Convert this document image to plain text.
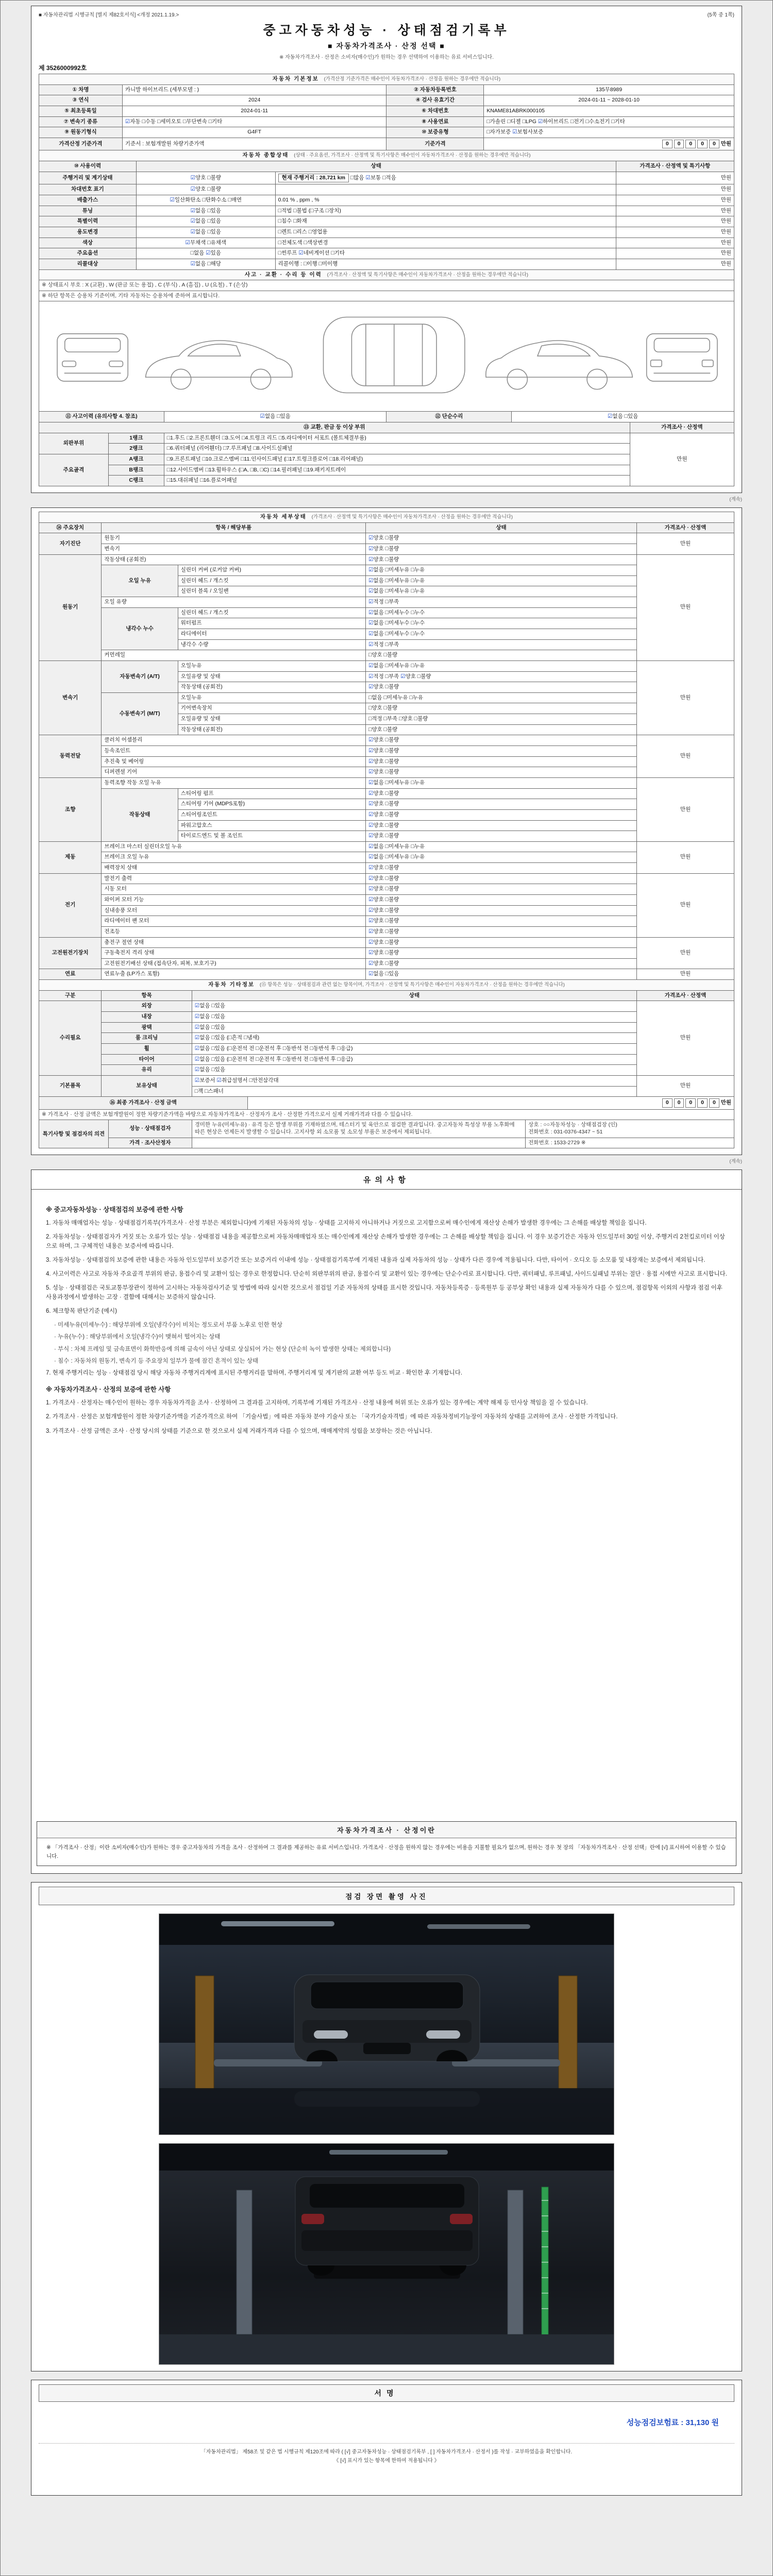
■ 자동차관리법 시행규칙 [별지 제82호서식] <개정 2021.1.19.>	(5쪽 중 1쪽)
중고자동차성능 · 상태점검기록부
■ 자동차가격조사 · 산정 선택 ■
※ 자동차가격조사 · 산정은 소비자(매수인)가 원하는 경우 선택하여 이용하는 유료 서비스입니다.
제 3526000992호
자동차 기본정보  (가격산정 기준가격은 매수인이 자동차가격조사 · 산정을 원하는 경우에만 적습니다)			
① 차명	카니발 하이브리드 (세부모델 : )	② 자동차등록번호	135무8989
③ 연식	2024	④ 검사 유효기간	2024-01-11 ~ 2028-01-10
⑤ 최초등록일	2024-01-11	⑥ 차대번호	KNAME81ABRK000105
⑦ 변속기 종류	☑자동 □수동 □세미오토 □무단변속 □기타	⑧ 사용연료	□가솔린 □디젤 □LPG ☑하이브리드 □전기 □수소전기 □기타
⑨ 원동기형식	G4FT	⑩ 보증유형	□자가보증 ☑보험사보증
가격산정 기준가격	기준서 : 보험개발원 차량기준가액	기준가격	0 0 0 0 0 만원
자동차 종합상태  (상태 · 주요옵션, 가격조사 · 산정액 및 특기사항은 매수인이 자동차가격조사 · 산정을 원하는 경우에만 적습니다)			
⑩ 사용이력	상태		가격조사 · 산정액 및 특기사항
주행거리 및 계기상태	☑양호 □불량	현재 주행거리 : 28,721 km □많음 ☑보통 □적음	만원
차대번호 표기	☑양호 □불량		만원
배출가스	☑일산화탄소 □탄화수소 □매연	0.01 % , ppm , %	만원
튜닝	☑없음 □있음	□적법 □불법 (□구조 □장치)	만원
특별이력	☑없음 □있음	□침수 □화재	만원
용도변경	☑없음 □있음	□렌트 □리스 □영업용	만원
색상	☑무채색 □유채색	□전체도색 □색상변경	만원
주요옵션	□없음 ☑있음	□썬루프 ☑네비게이션 □기타	만원
리콜대상	☑없음 □해당	리콜이행 : □이행 □미이행	만원
사고 · 교환 · 수리 등 이력  (가격조사 · 산정액 및 특기사항은 매수인이 자동차가격조사 · 산정을 원하는 경우에만 적습니다)
※ 상태표시 부호 : X (교환) , W (판금 또는 용접) , C (부식) , A (흠집) , U (요철) , T (손상)
※ 하단 항목은 승용차 기준이며, 기타 자동차는 승용차에 준하여 표시합니다.
⑪ 사고이력 (유의사항 4. 참조)	☑없음 □있음	⑫ 단순수리	☑없음 □있음
⑬ 교환, 판금 등 이상 부위			가격조사 · 산정액
외판부위	1랭크	□1.후드 □2.프론트휀더 □3.도어 □4.트렁크 리드 □5.라디에이터 서포트 (볼트체결부품)	만원
	2랭크	□6.쿼터패널 (리어휀더) □7.루프패널 □8.사이드실패널	
주요골격	A랭크	□9.프론트패널 □10.크로스멤버 □11.인사이드패널 (□17.트렁크플로어 □18.리어패널)	
	B랭크	□12.사이드멤버 □13.휠하우스 (□A, □B, □C) □14.필러패널 □19.패키지트레이	
	C랭크	□15.대쉬패널 □16.플로어패널	
(계속)
자동차 세부상태  (가격조사 · 산정액 및 특기사항은 매수인이 자동차가격조사 · 산정을 원하는 경우에만 적습니다)				
⑭ 주요장치	항목 / 해당부품		상태	가격조사 · 산정액
자기진단	원동기		☑양호 □불량	만원
	변속기		☑양호 □불량	
원동기	작동상태 (공회전)		☑양호 □불량	만원
	오일 누유	실린더 커버 (로커암 커버)	☑없음 □미세누유 □누유	
		실린더 헤드 / 개스킷	☑없음 □미세누유 □누유	
		실린더 블록 / 오일팬	☑없음 □미세누유 □누유	
	오일 유량		☑적정 □부족	
	냉각수 누수	실린더 헤드 / 개스킷	☑없음 □미세누수 □누수	
		워터펌프	☑없음 □미세누수 □누수	
		라디에이터	☑없음 □미세누수 □누수	
		냉각수 수량	☑적정 □부족	
	커먼레일		□양호 □불량	
변속기	자동변속기 (A/T)	오일누유	☑없음 □미세누유 □누유	만원
		오일유량 및 상태	☑적정 □부족 ☑양호 □불량	
		작동상태 (공회전)	☑양호 □불량	
	수동변속기 (M/T)	오일누유	□없음 □미세누유 □누유	
		기어변속장치	□양호 □불량	
		오일유량 및 상태	□적정 □부족 □양호 □불량	
		작동상태 (공회전)	□양호 □불량	
동력전달	클러치 어셈블리		☑양호 □불량	만원
	등속조인트		☑양호 □불량	
	추진축 및 베어링		☑양호 □불량	
	디퍼렌셜 기어		☑양호 □불량	
조향	동력조향 작동 오일 누유		☑없음 □미세누유 □누유	만원
	작동상태	스티어링 펌프	☑양호 □불량	
		스티어링 기어 (MDPS포함)	☑양호 □불량	
		스티어링조인트	☑양호 □불량	
		파워고압호스	☑양호 □불량	
		타이로드엔드 및 볼 조인트	☑양호 □불량	
제동	브레이크 마스터 실린더오일 누유		☑없음 □미세누유 □누유	만원
	브레이크 오일 누유		☑없음 □미세누유 □누유	
	배력장치 상태		☑양호 □불량	
전기	발전기 출력		☑양호 □불량	만원
	시동 모터		☑양호 □불량	
	와이퍼 모터 기능		☑양호 □불량	
	실내송풍 모터		☑양호 □불량	
	라디에이터 팬 모터		☑양호 □불량	
	전조등		☑양호 □불량	
고전원전기장치	충전구 절연 상태		☑양호 □불량	만원
	구동축전지 격리 상태		☑양호 □불량	
	고전원전기배선 상태 (접속단자, 피복, 보호기구)		☑양호 □불량	
연료	연료누출 (LP가스 포함)		☑없음 □있음	만원
자동차 기타정보  (⑮ 항목은 성능 · 상태점검과 관련 없는 항목이며, 가격조사 · 산정액 및 특기사항은 매수인이 자동차가격조사 · 산정을 원하는 경우에만 적습니다)			
구분	항목	상태	가격조사 · 산정액
수리필요	외장	☑없음 □있음	만원
	내장	☑없음 □있음	
	광택	☑없음 □있음	
	룸 크리닝	☑없음 □있음 (□흔적 □냄새)	
	휠	☑없음 □있음 (□운전석 전 □운전석 후 □동반석 전 □동반석 후 □응급)	
	타이어	☑없음 □있음 (□운전석 전 □운전석 후 □동반석 전 □동반석 후 □응급)	
	유리	☑없음 □있음	
기본품목	보유상태	☑보증서 ☑취급설명서 □안전삼각대	만원
		□잭 □스패너	
⑯ 최종 가격조사 · 산정 금액	0 0 0 0 0 만원
※ 가격조사 · 산정 금액은 보험개발원이 정한 차량기준가액을 바탕으로 자동차가격조사 · 산정자가 조사 · 산정한 가격으로서 실제 거래가격과 다를 수 있습니다.
특기사항 및 점검자의 의견	성능 · 상태점검자	경미한 누유(미세누유) · 유격 등은 발생 부위를 기재하였으며, 테스터기 및 육안으로 점검한 결과입니다. 중고자동차 특성상 부품 노후화에 따른 현상은 언제든지 발생할 수 있습니다. 고지사항 외 소모품 및 소모성 부품은 보증에서 제외됩니다.	상호 : ○○자동차성능 · 상태점검장 (인)
전화번호 : 031-0376-4347 ~ 51
	가격 · 조사산정자		전화번호 : 1533-2729 ※
(계속)
유의사항
※ 중고자동차성능 · 상태점검의 보증에 관한 사항
1. 자동차 매매업자는 성능 · 상태점검기록부(가격조사 · 산정 부분은 제외합니다)에 기재된 자동차의 성능 · 상태를 고지하지 아니하거나 거짓으로 고지함으로써 매수인에게 재산상 손해가 발생한 경우에는 그 손해를 배상할 책임을 집니다.
2. 자동차성능 · 상태점검자가 거짓 또는 오류가 있는 성능 · 상태점검 내용을 제공함으로써 자동차매매업자 또는 매수인에게 재산상 손해가 발생한 경우에는 그 손해를 배상할 책임을 집니다. 이 경우 보증기간은 자동차 인도일부터 30일 이상, 주행거리 2천킬로미터 이상으로 하며, 그 구체적인 내용은 보증서에 따릅니다.
3. 자동차성능 · 상태점검의 보증에 관한 내용은 자동차 인도일부터 보증기간 또는 보증거리 이내에 성능 · 상태점검기록부에 기재된 내용과 실제 자동차의 성능 · 상태가 다른 경우에 적용됩니다. 다만, 타이어 · 오디오 등 소모품 및 내장재는 보증에서 제외됩니다.
4. 사고이력은 사고로 자동차 주요골격 부위의 판금, 용접수리 및 교환이 있는 경우로 한정합니다. 단순히 외판부위의 판금, 용접수리 및 교환이 있는 경우에는 단순수리로 표시합니다. 다만, 쿼터패널, 루프패널, 사이드실패널 부위는 절단 · 용접 시에만 사고로 표시합니다.
5. 성능 · 상태점검은 국토교통부장관이 정하여 고시하는 자동차검사기준 및 방법에 따라 실시한 것으로서 점검일 기준 자동차의 상태를 표시한 것입니다. 자동차등록증 · 등록원부 등 공부상 확인 내용과 실제 자동차가 다를 수 있으며, 점검항목 이외의 사항과 점검 이후 사용과정에서 발생하는 고장 · 결함에 대해서는 보증하지 않습니다.
6. 체크항목 판단기준 (예시)
· 미세누유(미세누수) : 해당부위에 오일(냉각수)이 비치는 정도로서 부품 노후로 인한 현상
· 누유(누수) : 해당부위에서 오일(냉각수)이 맺혀서 떨어지는 상태
· 부식 : 차체 프레임 및 금속표면이 화학반응에 의해 금속이 아닌 상태로 상실되어 가는 현상 (단순히 녹이 발생한 상태는 제외합니다)
· 침수 : 자동차의 원동기, 변속기 등 주요장치 일부가 물에 잠긴 흔적이 있는 상태
7. 현재 주행거리는 성능 · 상태점검 당시 해당 자동차 주행거리계에 표시된 주행거리를 말하며, 주행거리계 및 계기판의 교환 여부 등도 비교 · 확인한 후 기재합니다.
※ 자동차가격조사 · 산정의 보증에 관한 사항
1. 가격조사 · 산정자는 매수인이 원하는 경우 자동차가격을 조사 · 산정하여 그 결과를 고지하며, 기록부에 기재된 가격조사 · 산정 내용에 허위 또는 오류가 있는 경우에는 계약 해제 등 민사상 책임을 질 수 있습니다.
2. 가격조사 · 산정은 보험개발원이 정한 차량기준가액을 기준가격으로 하여 「기술사법」에 따른 자동차 분야 기술사 또는 「국가기술자격법」에 따른 자동차정비기능장이 자동차의 상태를 고려하여 조사 · 산정한 가격입니다.
3. 가격조사 · 산정 금액은 조사 · 산정 당시의 상태를 기준으로 한 것으로서 실제 거래가격과 다를 수 있으며, 매매계약의 성립을 보장하는 것은 아닙니다.
자동차가격조사 · 산정이란
※ 「가격조사 · 산정」이란 소비자(매수인)가 원하는 경우 중고자동차의 가격을 조사 · 산정하여 그 결과를 제공하는 유료 서비스입니다. 가격조사 · 산정을 원하지 않는 경우에는 비용을 지불할 필요가 없으며, 원하는 경우 첫 장의 「자동차가격조사 · 산정 선택」란에 [√] 표시하여 이용할 수 있습니다.
점검 장면 촬영 사진
서명
성능점검보험료 : 31,130 원
「자동차관리법」 제58조 및 같은 법 시행규칙 제120조에 따라 ( [√] 중고자동차성능 · 상태점검기록부 , [ ] 자동차가격조사 · 산정서 )를 작성 · 교부하였음을 확인합니다.
《 [√] 표시가 있는 항목에 한하여 적용됩니다 》
